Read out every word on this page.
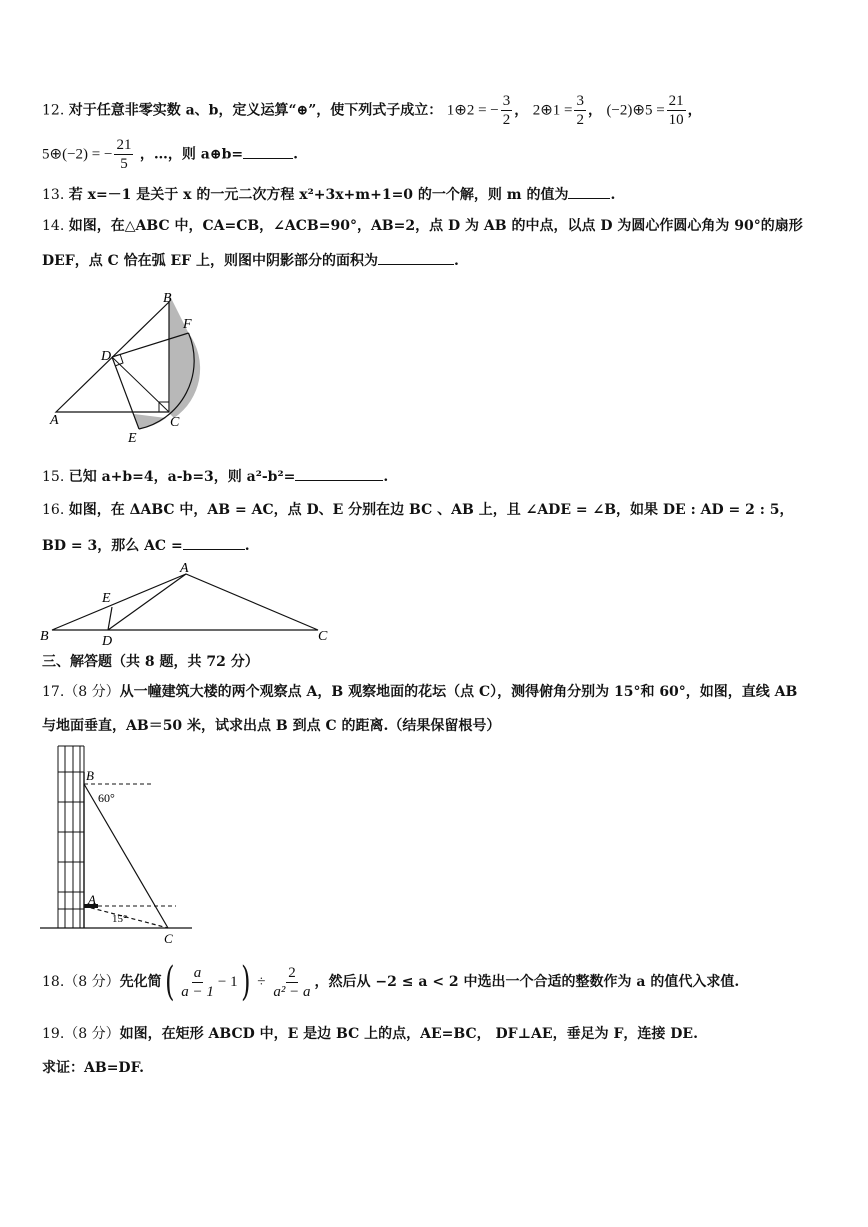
12. 对于任意非零实数 a、b，定义运算“⊕”，使下列式子成立： 1⊕2 = − $\frac{3}{2}$ ， 2⊕1 = $\frac{3}{2}$ ， (−2)⊕5 = $\frac{21}{10}$ ，
5⊕(−2) = − $\frac{21}{5}$ ，…，则 a⊕b=	.
13. 若 x=－1 是关于 x 的一元二次方程 x²+3x+m+1=0 的一个解，则 m 的值为	.
14. 如图，在△ABC 中，CA=CB，∠ACB=90°，AB=2，点 D 为 AB 的中点，以点 D 为圆心作圆心角为 90°的扇形
DEF，点 C 恰在弧 EF 上，则图中阴影部分的面积为	.
B
F
D
A	C
E
15. 已知 a+b=4，a-b=3，则 a²-b²=	.
16. 如图，在 ΔABC 中，AB = AC，点 D、E 分别在边 BC 、AB 上，且 ∠ADE = ∠B，如果 DE : AD = 2 : 5，
BD = 3，那么 AC =	.
A
E
B	D	C
三、解答题（共 8 题，共 72 分）
17.（8 分）从一幢建筑大楼的两个观察点 A，B 观察地面的花坛（点 C），测得俯角分别为 15°和 60°，如图，直线 AB
与地面垂直，AB＝50 米，试求出点 B 到点 C 的距离.（结果保留根号）
B
60°
A
15°
C
18. （8 分） 先化简 ( $\frac{a}{a - 1} - 1$ ) ÷ $\frac{2}{\text{a² − a}}$ ，然后从 −2 ≤ a < 2 中选出一个合适的整数作为 a 的值代入求值.
19.（8 分）如图，在矩形 ABCD 中，E 是边 BC 上的点，AE=BC， DF⊥AE，垂足为 F，连接 DE.
求证：AB=DF.
